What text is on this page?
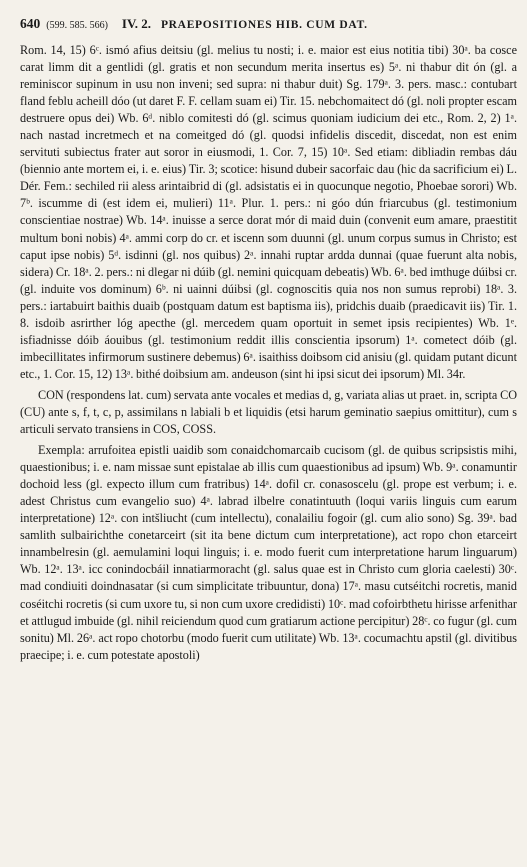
640 (599. 585. 566) IV. 2. PRAEPOSITIONES HIB. CUM DAT.

Rom. 14, 15) 6ᶜ. ismó afius deitsiu (gl. melius tu nosti; i. e. maior est eius notitia tibi) 30ᵃ. ba cosce carat limm dit a gentlidi (gl. gratis et non secundum merita insertus es) 5ᵃ. ni thabur dit ón (gl. a reminiscor supinum in usu non inveni; sed supra: ni thabur duit) Sg. 179ᵃ. 3. pers. masc.: contubart fland feblu acheill dóo (ut daret F. F. cellam suam ei) Tir. 15. nebchomaitect dó (gl. noli propter escam destruere opus dei) Wb. 6ᵈ. niblo comitesti dó (gl. scimus quoniam iudicium dei etc., Rom. 2, 2) 1ᵃ. nach nastad incretmech et na comeitged dó (gl. quodsi infidelis discedit, discedat, non est enim servituti subiectus frater aut soror in eiusmodi, 1. Cor. 7, 15) 10ᵃ. Sed etiam: dibliadin rembas dáu (biennio ante mortem ei, i. e. eius) Tir. 3; scotice: hisund dubeir sacorfaic dau (hic da sacrificium ei) L. Dér. Fem.: sechiled rii aless arintaibrid di (gl. adsistatis ei in quocunque negotio, Phoebae sorori) Wb. 7ᵇ. iscumme di (est idem ei, mulieri) 11ᵃ. Plur. 1. pers.: ni góo dún friarcubus (gl. testimonium conscientiae nostrae) Wb. 14ᵃ. inuisse a serce dorat mór di maid duin (convenit eum amare, praestitit multum boni nobis) 4ᵃ. ammi corp do cr. et iscenn som duunni (gl. unum corpus sumus in Christo; est caput ipse nobis) 5ᵈ. isdinni (gl. nos quibus) 2ᵃ. innahi ruptar ardda dunnai (quae fuerunt alta nobis, sidera) Cr. 18ᵃ. 2. pers.: ni dlegar ni dúib (gl. nemini quicquam debeatis) Wb. 6ᵃ. bed imthuge dúibsi cr. (gl. induite vos dominum) 6ᵇ. ni uainni dúibsi (gl. cognoscitis quia nos non sumus reprobi) 18ᵃ. 3. pers.: iartabuirt baithis duaib (postquam datum est baptisma iis), pridchis duaib (praedicavit iis) Tir. 1. 8. isdoib asrirther lóg apecthe (gl. mercedem quam oportuit in semet ipsis recipientes) Wb. 1ᵉ. isfiadnisse dóib áouibus (gl. testimonium reddit illis conscientia ipsorum) 1ᵃ. cometect dóib (gl. imbecillitates infirmorum sustinere debemus) 6ᵃ. isaithiss doibsom cid anisiu (gl. quidam putant dicunt etc., 1. Cor. 15, 12) 13ᵃ. bithé doibsium am. andeuson (sint hi ipsi sicut dei ipsorum) Ml. 34r.

CON (respondens lat. cum) servata ante vocales et medias d, g, variata alias ut praet. in, scripta CO (CU) ante s, f, t, c, p, assimilans n labiali b et liquidis (etsi harum geminatio saepius omittitur), cum s articuli servato transiens in COS, COSS.

Exempla: arrufoitea epistli uaidib som conaidchomarcaib cucisom (gl. de quibus scripsistis mihi, quaestionibus; i. e. nam missae sunt epistalae ab illis cum quaestionibus ad ipsum) Wb. 9ᵃ. conamuntir dochoid less (gl. expecto illum cum fratribus) 14ᵃ. dofil cr. conasoscelu (gl. prope est verbum; i. e. adest Christus cum evangelio suo) 4ᵃ. labrad ilbelre conatintuuth (loqui variis linguis cum earum interpretatione) 12ᵃ. con intšliucht (cum intellectu), conalailiu fogoir (gl. cum alio sono) Sg. 39ᵃ. bad samlith sulbairichthe conetarceirt (sit ita bene dictum cum interpretatione), act ropo chon etarceirt innambelresin (gl. aemulamini loqui linguis; i. e. modo fuerit cum interpretatione harum linguarum) Wb. 12ᵃ. 13ᵃ. icc conindocbáil innatiarmoracht (gl. salus quae est in Christo cum gloria caelesti) 30ᶜ. mad condiuiti doindnasatar (si cum simplicitate tribuuntur, dona) 17ᵃ. masu cutséitchi rocretis, manid coséitchi rocretis (si cum uxore tu, si non cum uxore credidisti) 10ᶜ. mad cofoirbthetu hirisse arfenithar et attlugud imbuide (gl. nihil reiciendum quod cum gratiarum actione percipitur) 28ᶜ. co fugur (gl. cum sonitu) Ml. 26ᵃ. act ropo chotorbu (modo fuerit cum utilitate) Wb. 13ᵃ. cocumachtu apstil (gl. divitibus praecipe; i. e. cum potestate apostoli)
